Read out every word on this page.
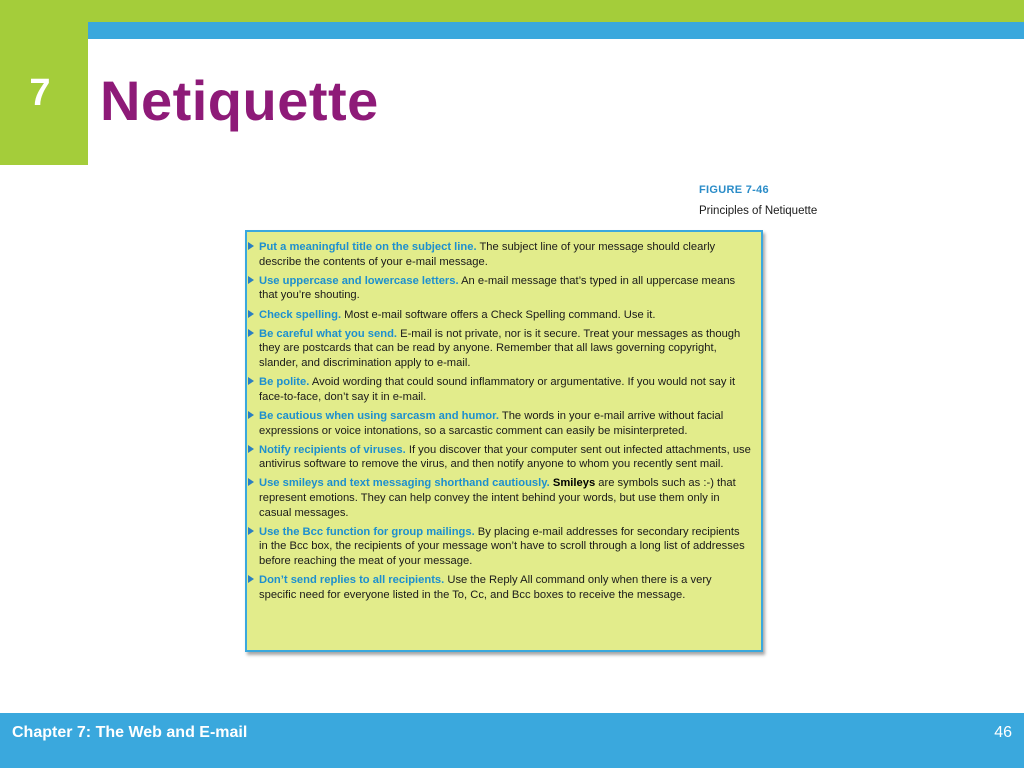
7 Netiquette
FIGURE 7-46
Principles of Netiquette
Put a meaningful title on the subject line. The subject line of your message should clearly describe the contents of your e-mail message.
Use uppercase and lowercase letters. An e-mail message that’s typed in all uppercase means that you’re shouting.
Check spelling. Most e-mail software offers a Check Spelling command. Use it.
Be careful what you send. E-mail is not private, nor is it secure. Treat your messages as though they are postcards that can be read by anyone. Remember that all laws governing copyright, slander, and discrimination apply to e-mail.
Be polite. Avoid wording that could sound inflammatory or argumentative. If you would not say it face-to-face, don’t say it in e-mail.
Be cautious when using sarcasm and humor. The words in your e-mail arrive without facial expressions or voice intonations, so a sarcastic comment can easily be misinterpreted.
Notify recipients of viruses. If you discover that your computer sent out infected attachments, use antivirus software to remove the virus, and then notify anyone to whom you recently sent mail.
Use smileys and text messaging shorthand cautiously. Smileys are symbols such as :-) that represent emotions. They can help convey the intent behind your words, but use them only in casual messages.
Use the Bcc function for group mailings. By placing e-mail addresses for secondary recipients in the Bcc box, the recipients of your message won’t have to scroll through a long list of addresses before reaching the meat of your message.
Don’t send replies to all recipients. Use the Reply All command only when there is a very specific need for everyone listed in the To, Cc, and Bcc boxes to receive the message.
Chapter 7: The Web and E-mail	46
